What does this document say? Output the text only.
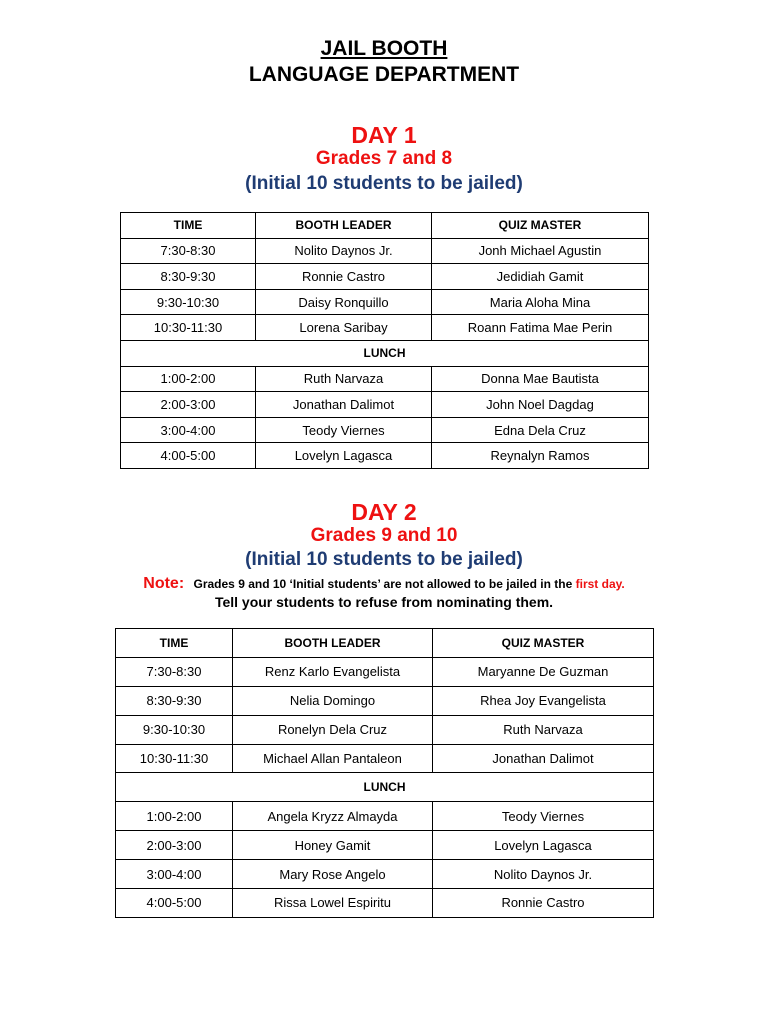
JAIL BOOTH
LANGUAGE DEPARTMENT
DAY 1
Grades 7 and 8
(Initial 10 students to be jailed)
TIME	BOOTH LEADER	QUIZ MASTER
7:30-8:30	Nolito Daynos Jr.	Jonh Michael Agustin
8:30-9:30	Ronnie Castro	Jedidiah Gamit
9:30-10:30	Daisy Ronquillo	Maria Aloha Mina
10:30-11:30	Lorena Saribay	Roann Fatima Mae Perin
LUNCH		
1:00-2:00	Ruth Narvaza	Donna Mae Bautista
2:00-3:00	Jonathan Dalimot	John Noel Dagdag
3:00-4:00	Teody Viernes	Edna Dela Cruz
4:00-5:00	Lovelyn Lagasca	Reynalyn Ramos
DAY 2
Grades 9 and 10
(Initial 10 students to be jailed)
Note: Grades 9 and 10 ‘Initial students’ are not allowed to be jailed in the first day.
Tell your students to refuse from nominating them.
TIME	BOOTH LEADER	QUIZ MASTER
7:30-8:30	Renz Karlo Evangelista	Maryanne De Guzman
8:30-9:30	Nelia Domingo	Rhea Joy Evangelista
9:30-10:30	Ronelyn Dela Cruz	Ruth Narvaza
10:30-11:30	Michael Allan Pantaleon	Jonathan Dalimot
LUNCH		
1:00-2:00	Angela Kryzz Almayda	Teody Viernes
2:00-3:00	Honey Gamit	Lovelyn Lagasca
3:00-4:00	Mary Rose Angelo	Nolito Daynos Jr.
4:00-5:00	Rissa Lowel Espiritu	Ronnie Castro
